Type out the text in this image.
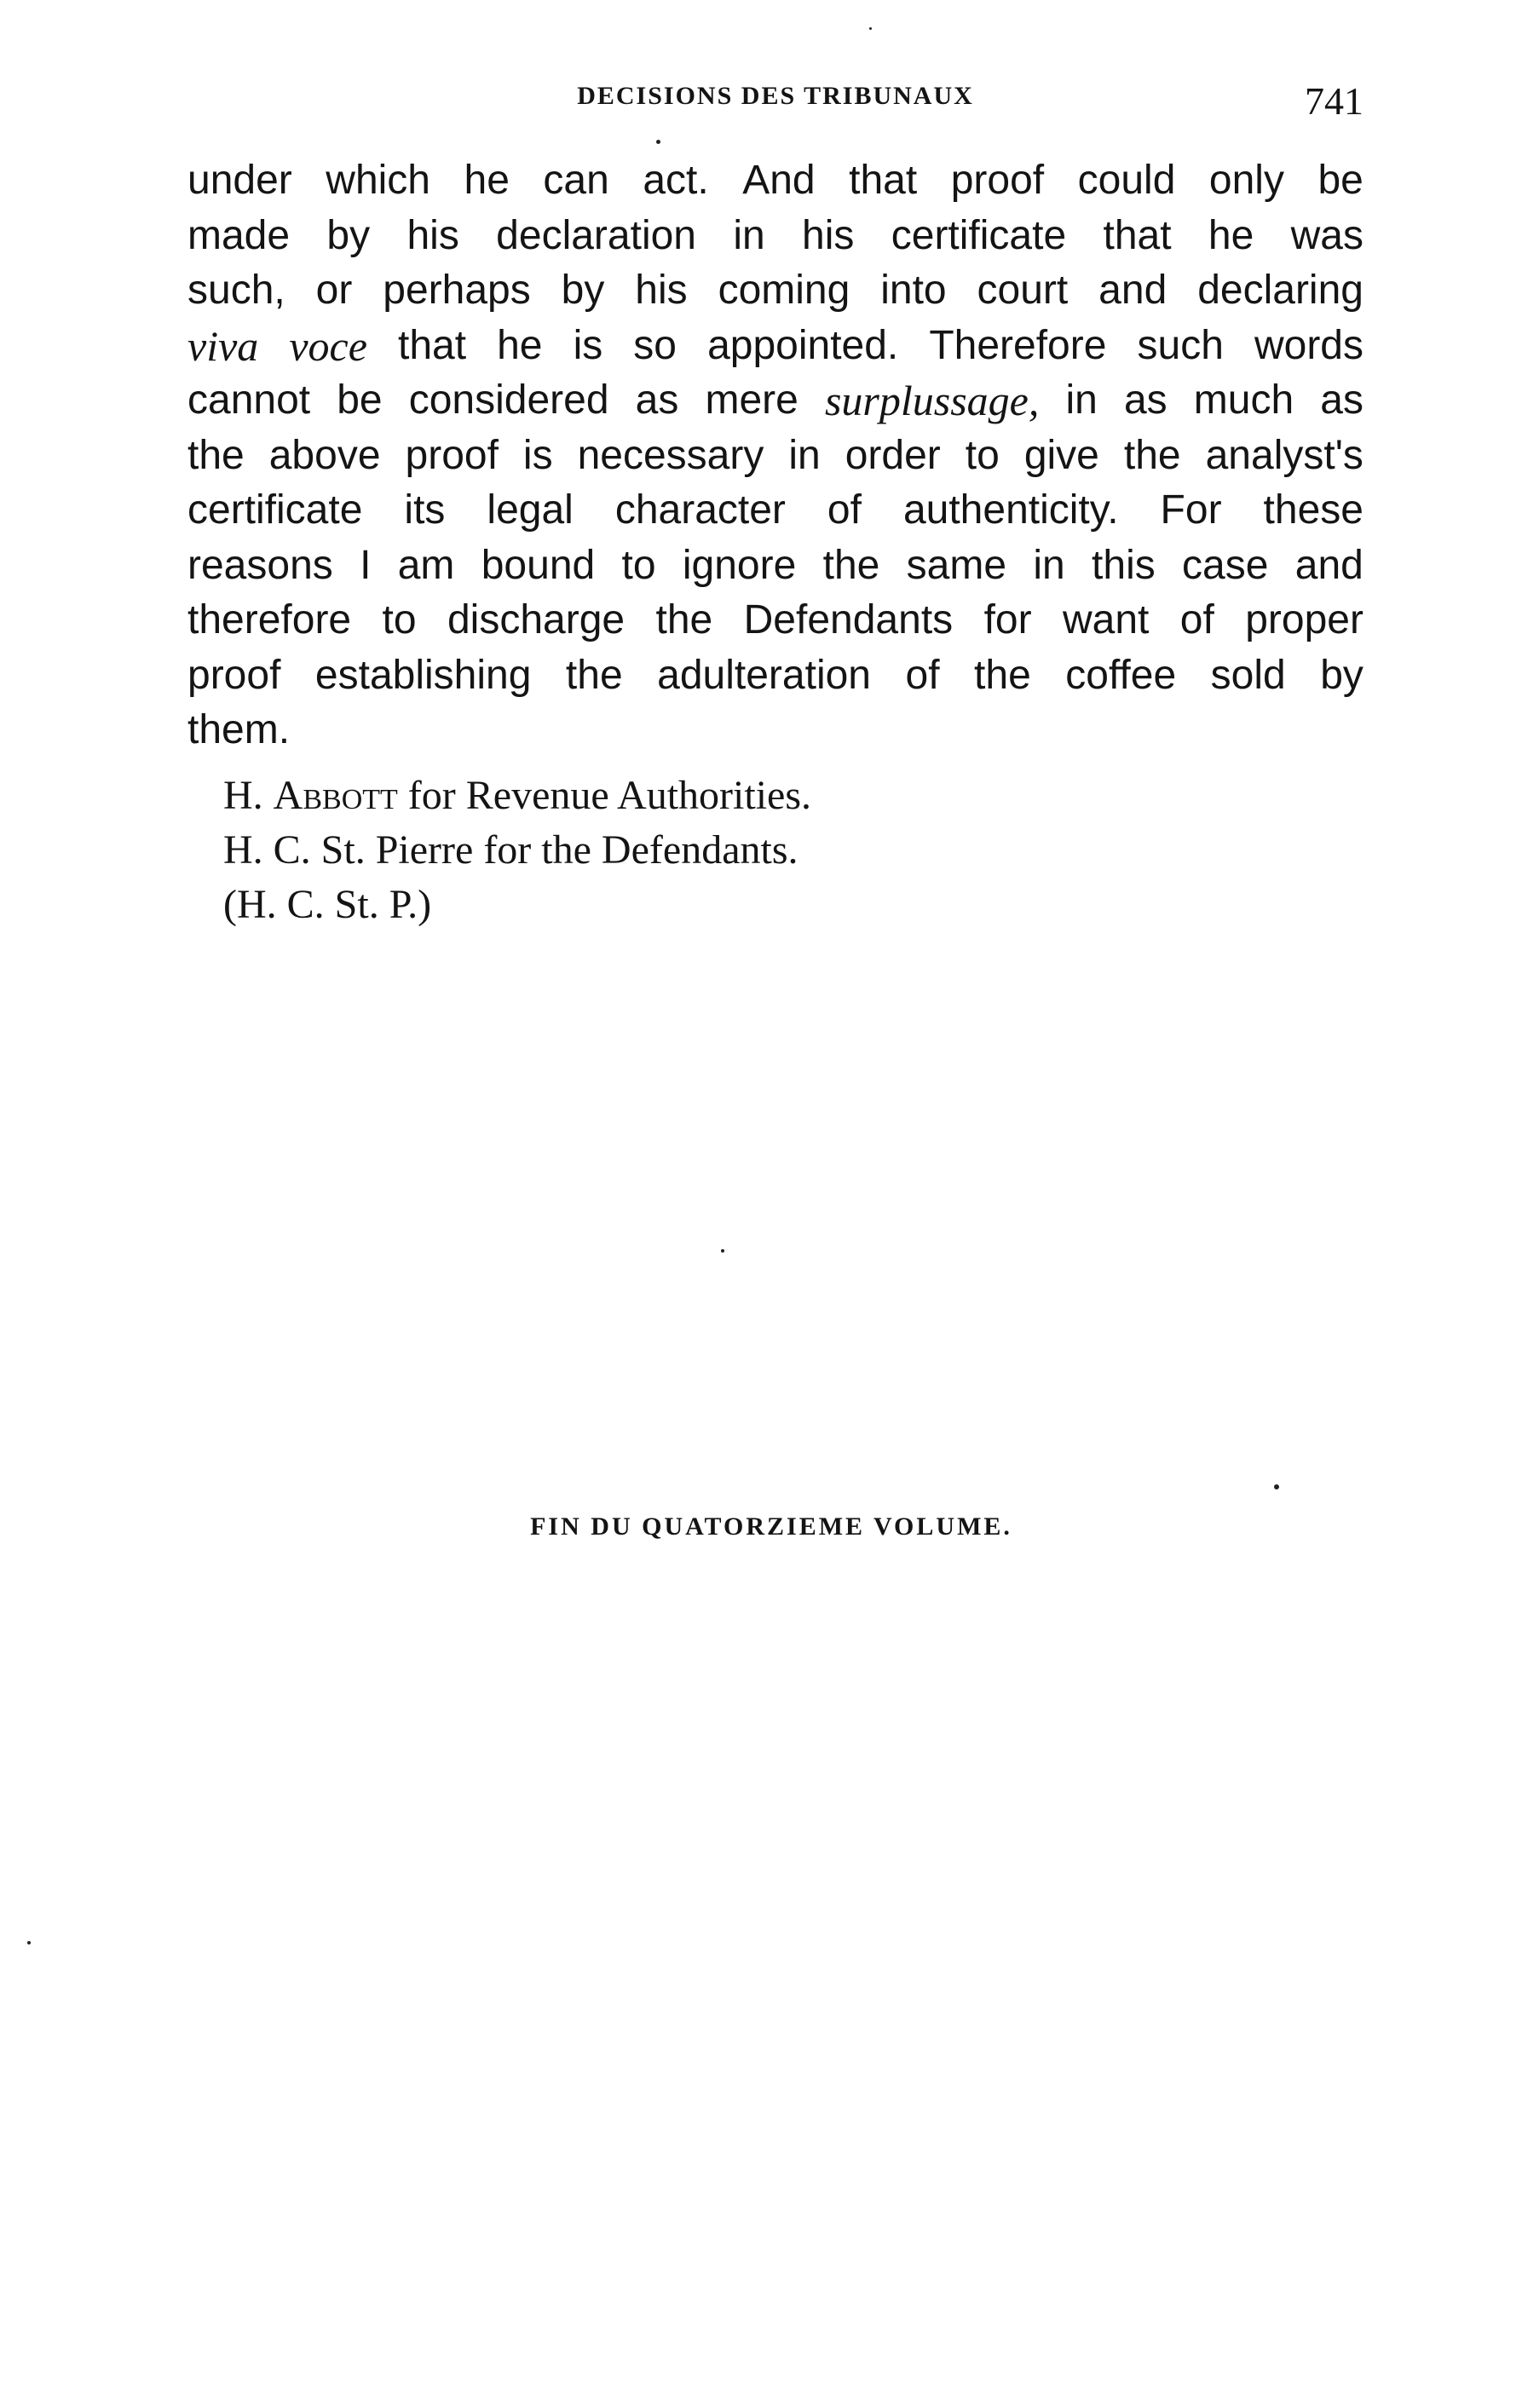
DECISIONS DES TRIBUNAUX	741
under which he can act. And that proof could only be
made by his declaration in his certificate that he was
such, or perhaps by his coming into court and declaring
viva voce that he is so appointed. Therefore such words
cannot be considered as mere surplussage, in as much as
the above proof is necessary in order to give the analyst's
certificate its legal character of authenticity. For these
reasons I am bound to ignore the same in this case and
therefore to discharge the Defendants for want of proper
proof establishing the adulteration of the coffee sold by
them.
H. Abbott for Revenue Authorities.
H. C. St. Pierre for the Defendants.
(H. C. St. P.)
FIN DU QUATORZIEME VOLUME.
